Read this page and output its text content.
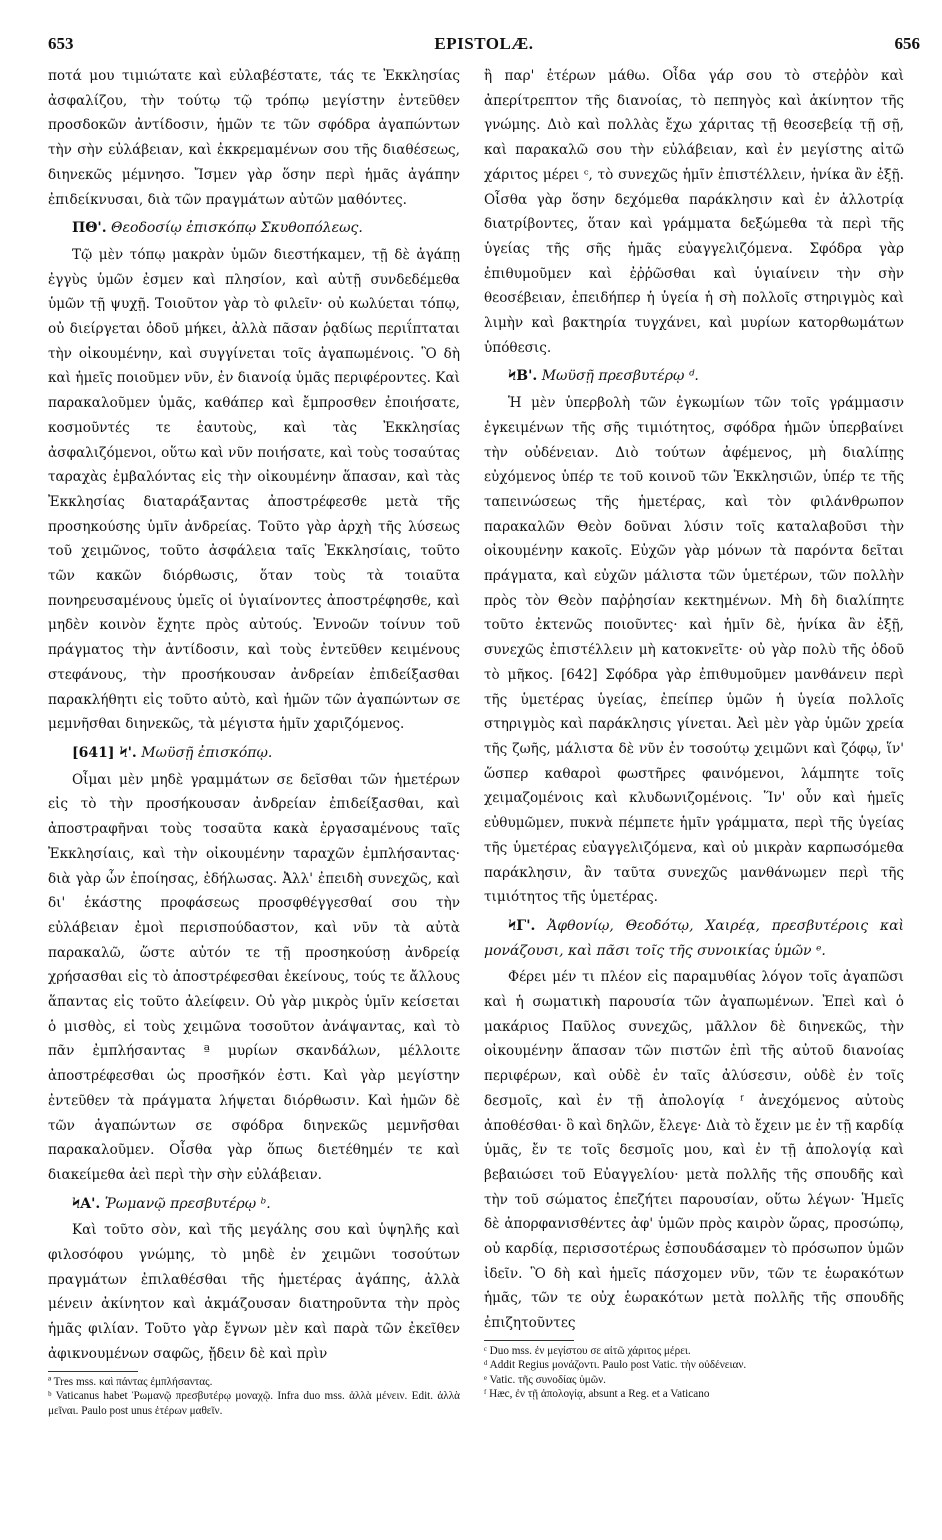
653	EPISTOLÆ.	656

ποτά μου τιμιώτατε καὶ εὐλαβέστατε, τάς τε Ἐκκλησίας ἀσφαλίζου, τὴν τούτῳ τῷ τρόπῳ μεγίστην ἐντεῦθεν προσδοκῶν ἀντίδοσιν, ἡμῶν τε τῶν σφόδρα ἀγαπώντων τὴν σὴν εὐλάβειαν, καὶ ἐκκρεμαμένων σου τῆς διαθέσεως, διηνεκῶς μέμνησο. Ἴσμεν γὰρ ὅσην περὶ ἡμᾶς ἀγάπην ἐπιδείκνυσαι, διὰ τῶν πραγμάτων αὐτῶν μαθόντες.

ΠΘ'. Θεοδοσίῳ ἐπισκόπῳ Σκυθοπόλεως.

Τῷ μὲν τόπῳ μακρὰν ὑμῶν διεστήκαμεν, τῇ δὲ ἀγάπῃ ἐγγὺς ὑμῶν ἐσμεν καὶ πλησίον, καὶ αὐτῇ συνδεδέμεθα ὑμῶν τῇ ψυχῇ. Τοιοῦτον γὰρ τὸ φιλεῖν· οὐ κωλύεται τόπῳ, οὐ διείργεται ὁδοῦ μήκει, ἀλλὰ πᾶσαν ῥᾳδίως περιΐπταται τὴν οἰκουμένην, καὶ συγγίνεται τοῖς ἀγαπωμένοις. Ὃ δὴ καὶ ἡμεῖς ποιοῦμεν νῦν, ἐν διανοίᾳ ὑμᾶς περιφέροντες. Καὶ παρακαλοῦμεν ὑμᾶς, καθάπερ καὶ ἔμπροσθεν ἐποιήσατε, κοσμοῦντές τε ἑαυτοὺς, καὶ τὰς Ἐκκλησίας ἀσφαλιζόμενοι, οὕτω καὶ νῦν ποιήσατε, καὶ τοὺς τοσαύτας ταραχὰς ἐμβαλόντας εἰς τὴν οἰκουμένην ἅπασαν, καὶ τὰς Ἐκκλησίας διαταράξαντας ἀποστρέφεσθε μετὰ τῆς προσηκούσης ὑμῖν ἀνδρείας. Τοῦτο γὰρ ἀρχὴ τῆς λύσεως τοῦ χειμῶνος, τοῦτο ἀσφάλεια ταῖς Ἐκκλησίαις, τοῦτο τῶν κακῶν διόρθωσις, ὅταν τοὺς τὰ τοιαῦτα πονηρευσαμένους ὑμεῖς οἱ ὑγιαίνοντες ἀποστρέφησθε, καὶ μηδὲν κοινὸν ἔχητε πρὸς αὐτούς. Ἐννοῶν τοίνυν τοῦ πράγματος τὴν ἀντίδοσιν, καὶ τοὺς ἐντεῦθεν κειμένους στεφάνους, τὴν προσήκουσαν ἀνδρείαν ἐπιδείξασθαι παρακλήθητι εἰς τοῦτο αὐτὸ, καὶ ἡμῶν τῶν ἀγαπώντων σε μεμνῆσθαι διηνεκῶς, τὰ μέγιστα ἡμῖν χαριζόμενος.

[641] Ϟ'. Μωϋσῇ ἐπισκόπῳ.

Οἶμαι μὲν μηδὲ γραμμάτων σε δεῖσθαι τῶν ἡμετέρων εἰς τὸ τὴν προσήκουσαν ἀνδρείαν ἐπιδείξασθαι, καὶ ἀποστραφῆναι τοὺς τοσαῦτα κακὰ ἐργασαμένους ταῖς Ἐκκλησίαις, καὶ τὴν οἰκουμένην ταραχῶν ἐμπλήσαντας· διὰ γὰρ ὧν ἐποίησας, ἐδήλωσας. Ἀλλ' ἐπειδὴ συνεχῶς, καὶ δι' ἑκάστης προφάσεως προσφθέγγεσθαί σου τὴν εὐλάβειαν ἐμοὶ περισπούδαστον, καὶ νῦν τὰ αὐτὰ παρακαλῶ, ὥστε αὐτόν τε τῇ προσηκούσῃ ἀνδρείᾳ χρήσασθαι εἰς τὸ ἀποστρέφεσθαι ἐκείνους, τούς τε ἄλλους ἅπαντας εἰς τοῦτο ἀλείφειν. Οὐ γὰρ μικρὸς ὑμῖν κείσεται ὁ μισθὸς, εἰ τοὺς χειμῶνα τοσοῦτον ἀνάψαντας, καὶ τὸ πᾶν ἐμπλήσαντας ª μυρίων σκανδάλων, μέλλοιτε ἀποστρέφεσθαι ὡς προσῆκόν ἐστι. Καὶ γὰρ μεγίστην ἐντεῦθεν τὰ πράγματα λήψεται διόρθωσιν. Καὶ ἡμῶν δὲ τῶν ἀγαπώντων σε σφόδρα διηνεκῶς μεμνῆσθαι παρακαλοῦμεν. Οἶσθα γὰρ ὅπως διετέθημέν τε καὶ διακείμεθα ἀεὶ περὶ τὴν σὴν εὐλάβειαν.

ϞΑ'. Ῥωμανῷ πρεσβυτέρῳ ᵇ.

Καὶ τοῦτο σὸν, καὶ τῆς μεγάλης σου καὶ ὑψηλῆς καὶ φιλοσόφου γνώμης, τὸ μηδὲ ἐν χειμῶνι τοσούτων πραγμάτων ἐπιλαθέσθαι τῆς ἡμετέρας ἀγάπης, ἀλλὰ μένειν ἀκίνητον καὶ ἀκμάζουσαν διατηροῦντα τὴν πρὸς ἡμᾶς φιλίαν. Τοῦτο γὰρ ἔγνων μὲν καὶ παρὰ τῶν ἐκεῖθεν ἀφικνουμένων σαφῶς, ᾔδειν δὲ καὶ πρὶν

ª Tres mss. καὶ πάντας ἐμπλήσαντας.

ᵇ Vaticanus habet Ῥωμανῷ πρεσβυτέρῳ μοναχῷ. Infra duo mss. ἀλλὰ μένειν. Edit. ἀλλὰ μεῖναι. Paulo post unus ἑτέρων μαθεῖν.

ἢ παρ' ἑτέρων μάθω. Οἶδα γάρ σου τὸ στεῤῥὸν καὶ ἀπερίτρεπτον τῆς διανοίας, τὸ πεπηγὸς καὶ ἀκίνητον τῆς γνώμης. Διὸ καὶ πολλὰς ἔχω χάριτας τῇ θεοσεβείᾳ τῇ σῇ, καὶ παρακαλῶ σου τὴν εὐλάβειαν, καὶ ἐν μεγίστης αἰτῶ χάριτος μέρει ᶜ, τὸ συνεχῶς ἡμῖν ἐπιστέλλειν, ἡνίκα ἂν ἐξῇ. Οἶσθα γὰρ ὅσην δεχόμεθα παράκλησιν καὶ ἐν ἀλλοτρίᾳ διατρίβοντες, ὅταν καὶ γράμματα δεξώμεθα τὰ περὶ τῆς ὑγείας τῆς σῆς ἡμᾶς εὐαγγελιζόμενα. Σφόδρα γὰρ ἐπιθυμοῦμεν καὶ ἐῤῥῶσθαι καὶ ὑγιαίνειν τὴν σὴν θεοσέβειαν, ἐπειδήπερ ἡ ὑγεία ἡ σὴ πολλοῖς στηριγμὸς καὶ λιμὴν καὶ βακτηρία τυγχάνει, καὶ μυρίων κατορθωμάτων ὑπόθεσις.

ϞΒ'. Μωϋσῇ πρεσβυτέρῳ ᵈ.

Ἡ μὲν ὑπερβολὴ τῶν ἐγκωμίων τῶν τοῖς γράμμασιν ἐγκειμένων τῆς σῆς τιμιότητος, σφόδρα ἡμῶν ὑπερβαίνει τὴν οὐδένειαν. Διὸ τούτων ἀφέμενος, μὴ διαλίπῃς εὐχόμενος ὑπέρ τε τοῦ κοινοῦ τῶν Ἐκκλησιῶν, ὑπέρ τε τῆς ταπεινώσεως τῆς ἡμετέρας, καὶ τὸν φιλάνθρωπον παρακαλῶν Θεὸν δοῦναι λύσιν τοῖς καταλαβοῦσι τὴν οἰκουμένην κακοῖς. Εὐχῶν γὰρ μόνων τὰ παρόντα δεῖται πράγματα, καὶ εὐχῶν μάλιστα τῶν ὑμετέρων, τῶν πολλὴν πρὸς τὸν Θεὸν παῤῥησίαν κεκτημένων. Μὴ δὴ διαλίπητε τοῦτο ἐκτενῶς ποιοῦντες· καὶ ἡμῖν δὲ, ἡνίκα ἂν ἐξῇ, συνεχῶς ἐπιστέλλειν μὴ κατοκνεῖτε· οὐ γὰρ πολὺ τῆς ὁδοῦ τὸ μῆκος. [642] Σφόδρα γὰρ ἐπιθυμοῦμεν μανθάνειν περὶ τῆς ὑμετέρας ὑγείας, ἐπείπερ ὑμῶν ἡ ὑγεία πολλοῖς στηριγμὸς καὶ παράκλησις γίνεται. Ἀεὶ μὲν γὰρ ὑμῶν χρεία τῆς ζωῆς, μάλιστα δὲ νῦν ἐν τοσούτῳ χειμῶνι καὶ ζόφῳ, ἵν' ὥσπερ καθαροὶ φωστῆρες φαινόμενοι, λάμπητε τοῖς χειμαζομένοις καὶ κλυδωνιζομένοις. Ἵν' οὖν καὶ ἡμεῖς εὐθυμῶμεν, πυκνὰ πέμπετε ἡμῖν γράμματα, περὶ τῆς ὑγείας τῆς ὑμετέρας εὐαγγελιζόμενα, καὶ οὐ μικρὰν καρπωσόμεθα παράκλησιν, ἂν ταῦτα συνεχῶς μανθάνωμεν περὶ τῆς τιμιότητος τῆς ὑμετέρας.

ϞΓ'. Ἀφθονίῳ, Θεοδότῳ, Χαιρέᾳ, πρεσβυτέροις καὶ μονάζουσι, καὶ πᾶσι τοῖς τῆς συνοικίας ὑμῶν ᵉ.

Φέρει μέν τι πλέον εἰς παραμυθίας λόγον τοῖς ἀγαπῶσι καὶ ἡ σωματικὴ παρουσία τῶν ἀγαπωμένων. Ἐπεὶ καὶ ὁ μακάριος Παῦλος συνεχῶς, μᾶλλον δὲ διηνεκῶς, τὴν οἰκουμένην ἅπασαν τῶν πιστῶν ἐπὶ τῆς αὐτοῦ διανοίας περιφέρων, καὶ οὐδὲ ἐν ταῖς ἀλύσεσιν, οὐδὲ ἐν τοῖς δεσμοῖς, καὶ ἐν τῇ ἀπολογίᾳ ᶠ ἀνεχόμενος αὐτοὺς ἀποθέσθαι· ὃ καὶ δηλῶν, ἔλεγε· Διὰ τὸ ἔχειν με ἐν τῇ καρδίᾳ ὑμᾶς, ἔν τε τοῖς δεσμοῖς μου, καὶ ἐν τῇ ἀπολογίᾳ καὶ βεβαιώσει τοῦ Εὐαγγελίου· μετὰ πολλῆς τῆς σπουδῆς καὶ τὴν τοῦ σώματος ἐπεζήτει παρουσίαν, οὕτω λέγων· Ἡμεῖς δὲ ἀπορφανισθέντες ἀφ' ὑμῶν πρὸς καιρὸν ὥρας, προσώπῳ, οὐ καρδίᾳ, περισσοτέρως ἐσπουδάσαμεν τὸ πρόσωπον ὑμῶν ἰδεῖν. Ὃ δὴ καὶ ἡμεῖς πάσχομεν νῦν, τῶν τε ἑωρακότων ἡμᾶς, τῶν τε οὐχ ἑωρακότων μετὰ πολλῆς τῆς σπουδῆς ἐπιζητοῦντες

ᶜ Duo mss. ἐν μεγίστου σε αἰτῶ χάριτος μέρει.

ᵈ Addit Regius μονάζοντι. Paulo post Vatic. τὴν οὐδένειαν.

ᵉ Vatic. τῆς συνοδίας ὑμῶν.

ᶠ Hæc, ἐν τῇ ἀπολογίᾳ, absunt a Reg. et a Vaticano
